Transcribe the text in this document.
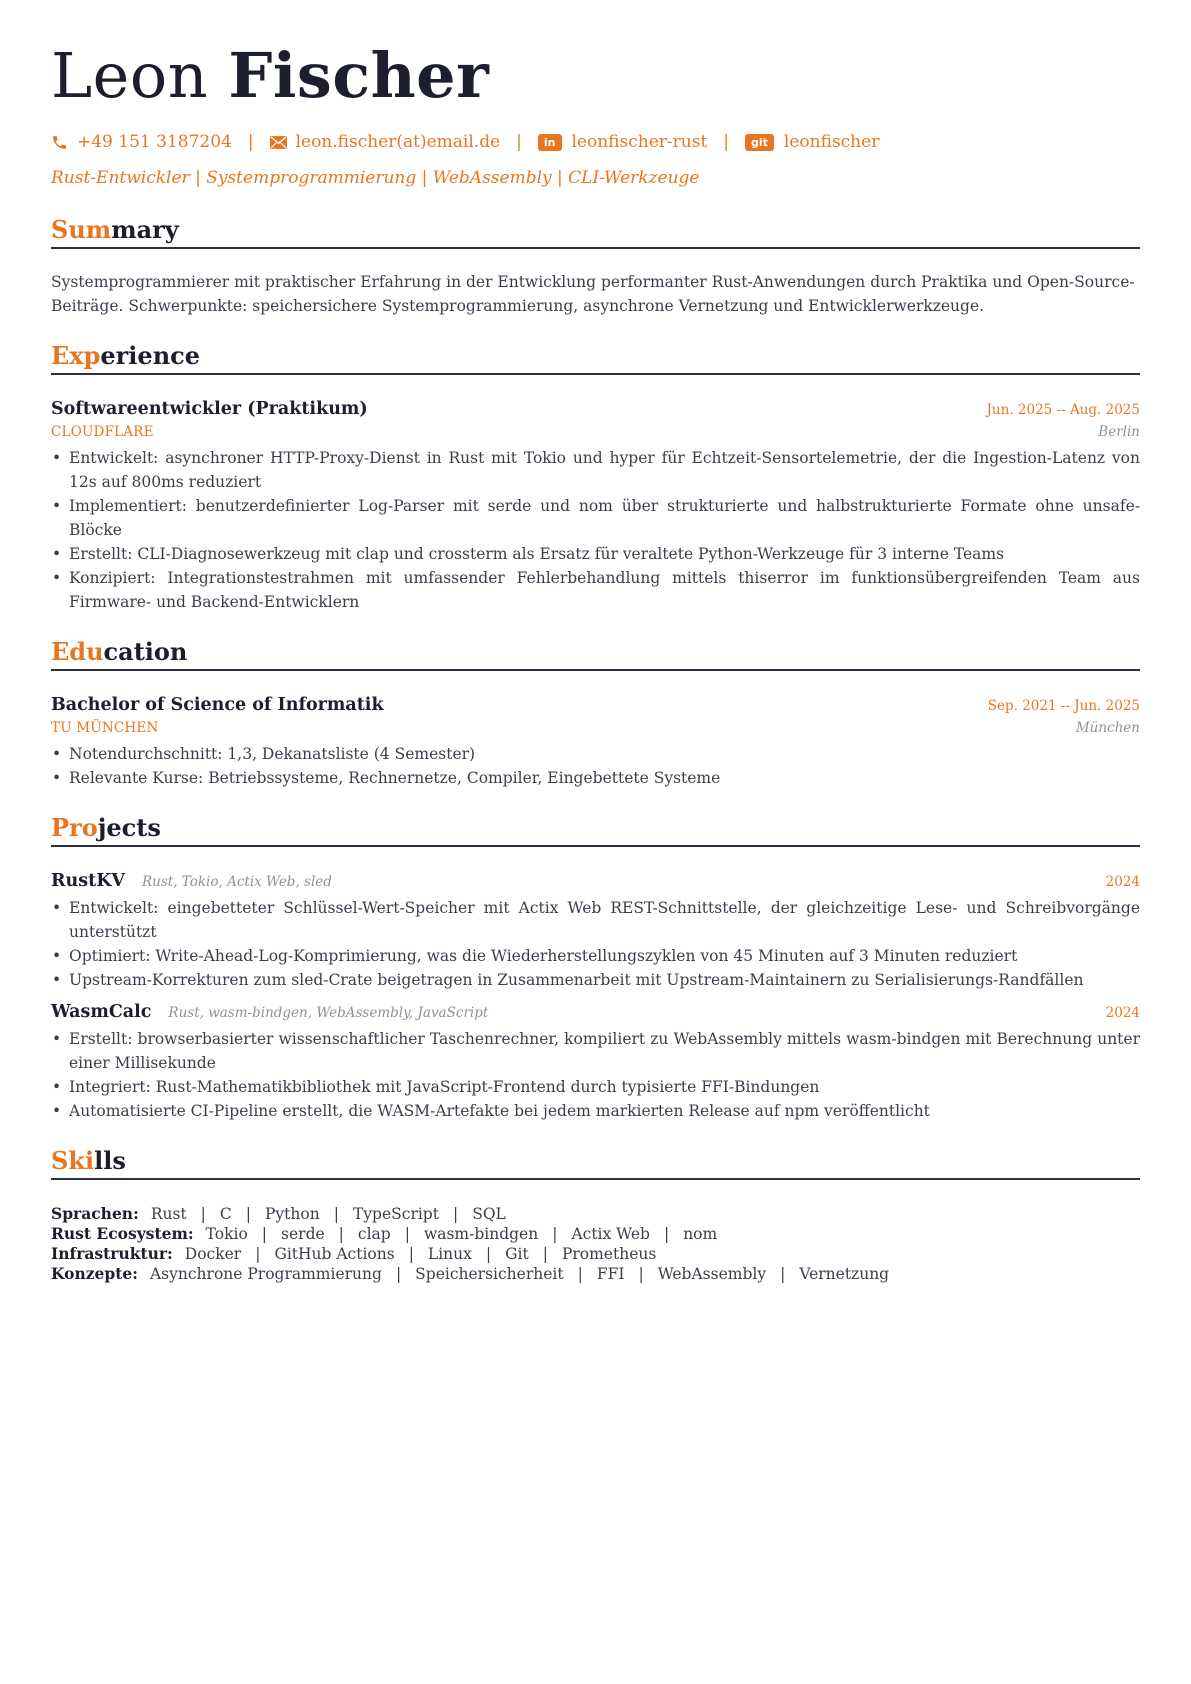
Leon Fischer
+49 151 3187204 | leon.fischer(at)email.de |	in leonfischer-rust |	git leonfischer
Rust-Entwickler | Systemprogrammierung | WebAssembly | CLI-Werkzeuge
Summary
Systemprogrammierer mit praktischer Erfahrung in der Entwicklung performanter Rust-Anwendungen durch Praktika und Open-Source-Beiträge. Schwerpunkte: speichersichere Systemprogrammierung, asynchrone Vernetzung und Entwicklerwerkzeuge.
Experience
Softwareentwickler (Praktikum)	Jun. 2025 -- Aug. 2025
CLOUDFLARE	Berlin
• Entwickelt: asynchroner HTTP-Proxy-Dienst in Rust mit Tokio und hyper für Echtzeit-Sensortelemetrie, der die Ingestion-Latenz von 12s auf 800ms reduziert
• Implementiert: benutzerdefinierter Log-Parser mit serde und nom über strukturierte und halbstrukturierte Formate ohne unsafe-Blöcke
• Erstellt: CLI-Diagnosewerkzeug mit clap und crossterm als Ersatz für veraltete Python-Werkzeuge für 3 interne Teams
• Konzipiert: Integrationstestrahmen mit umfassender Fehlerbehandlung mittels thiserror im funktionsübergreifenden Team aus Firmware- und Backend-Entwicklern
Education
Bachelor of Science of Informatik	Sep. 2021 -- Jun. 2025
TU MÜNCHEN	München
• Notendurchschnitt: 1,3, Dekanatsliste (4 Semester)
• Relevante Kurse: Betriebssysteme, Rechnernetze, Compiler, Eingebettete Systeme
Projects
RustKV Rust, Tokio, Actix Web, sled	2024
• Entwickelt: eingebetteter Schlüssel-Wert-Speicher mit Actix Web REST-Schnittstelle, der gleichzeitige Lese- und Schreibvorgänge unterstützt
• Optimiert: Write-Ahead-Log-Komprimierung, was die Wiederherstellungszyklen von 45 Minuten auf 3 Minuten reduziert
• Upstream-Korrekturen zum sled-Crate beigetragen in Zusammenarbeit mit Upstream-Maintainern zu Serialisierungs-Randfällen
WasmCalc Rust, wasm-bindgen, WebAssembly, JavaScript	2024
• Erstellt: browserbasierter wissenschaftlicher Taschenrechner, kompiliert zu WebAssembly mittels wasm-bindgen mit Berechnung unter einer Millisekunde
• Integriert: Rust-Mathematikbibliothek mit JavaScript-Frontend durch typisierte FFI-Bindungen
• Automatisierte CI-Pipeline erstellt, die WASM-Artefakte bei jedem markierten Release auf npm veröffentlicht
Skills
Sprachen: Rust | C | Python | TypeScript | SQL
Rust Ecosystem: Tokio | serde | clap | wasm-bindgen | Actix Web | nom
Infrastruktur: Docker | GitHub Actions | Linux | Git | Prometheus
Konzepte: Asynchrone Programmierung | Speichersicherheit | FFI | WebAssembly | Vernetzung
